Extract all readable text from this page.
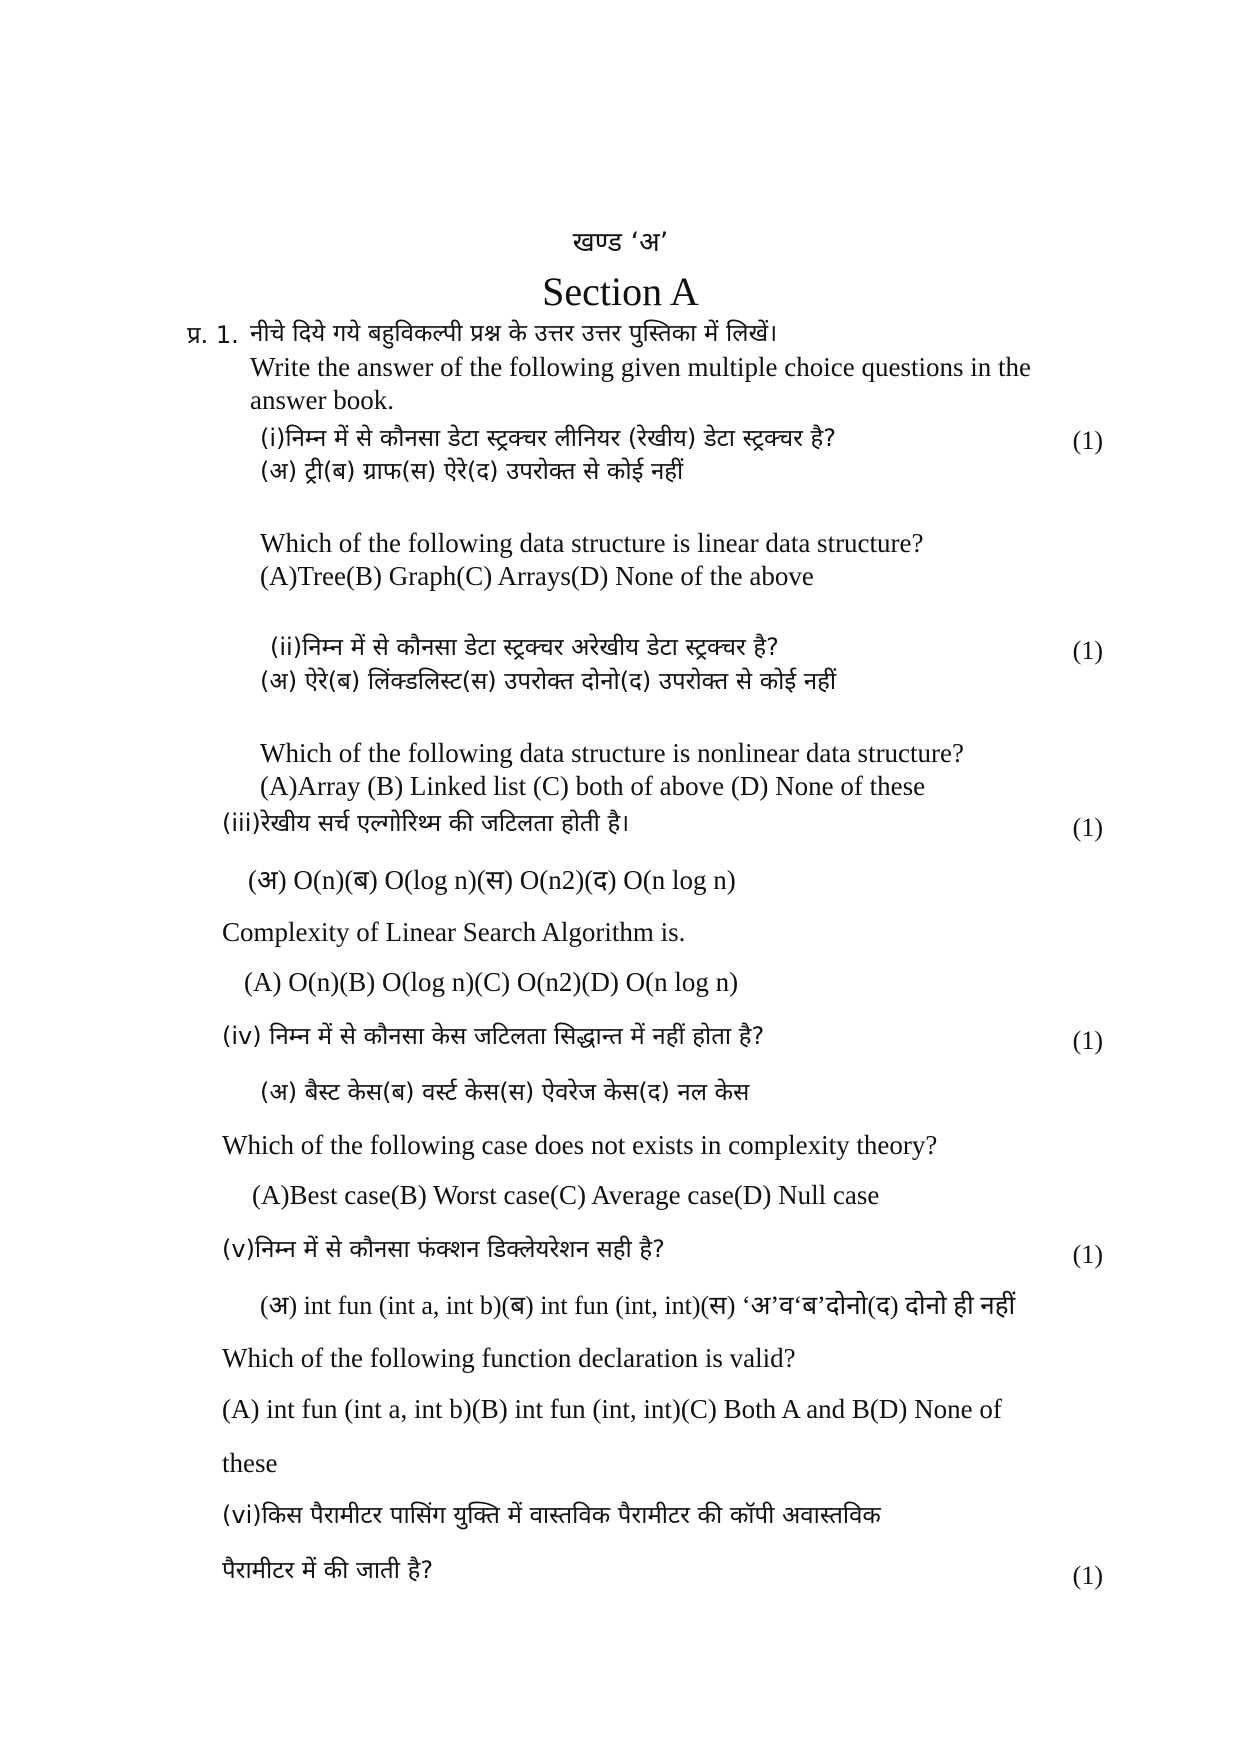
खण्ड ‘अ’
Section A
प्र. 1. नीचे दिये गये बहुविकल्पी प्रश्न के उत्तर उत्तर पुस्तिका में लिखें।
Write the answer of the following given multiple choice questions in the
answer book.
(i)निम्न में से कौनसा डेटा स्ट्रक्चर लीनियर (रेखीय) डेटा स्ट्रक्चर है?	(1)
(अ) ट्री(ब) ग्राफ(स) ऐरे(द) उपरोक्त से कोई नहीं
Which of the following data structure is linear data structure?
(A)Tree(B) Graph(C) Arrays(D) None of the above
(ii)निम्न में से कौनसा डेटा स्ट्रक्चर अरेखीय डेटा स्ट्रक्चर है?	(1)
(अ) ऐरे(ब) लिंक्डलिस्ट(स) उपरोक्त दोनो(द) उपरोक्त से कोई नहीं
Which of the following data structure is nonlinear data structure?
(A)Array (B) Linked list (C) both of above (D) None of these
(iii)रेखीय सर्च एल्गोरिथ्म की जटिलता होती है।	(1)
(अ) O(n)(ब) O(log n)(स) O(n2)(द) O(n log n)
Complexity of Linear Search Algorithm is.
(A) O(n)(B) O(log n)(C) O(n2)(D) O(n log n)
(iv) निम्न में से कौनसा केस जटिलता सिद्धान्त में नहीं होता है?	(1)
(अ) बैस्ट केस(ब) वर्स्ट केस(स) ऐवरेज केस(द) नल केस
Which of the following case does not exists in complexity theory?
(A)Best case(B) Worst case(C) Average case(D) Null case
(v)निम्न में से कौनसा फंक्शन डिक्लेयरेशन सही है?	(1)
(अ) int fun (int a, int b)(ब) int fun (int, int)(स) ‘अ’व‘ब’दोनो(द) दोनो ही नहीं
Which of the following function declaration is valid?
(A) int fun (int a, int b)(B) int fun (int, int)(C) Both A and B(D) None of
these
(vi)किस पैरामीटर पासिंग युक्ति में वास्तविक पैरामीटर की कॉपी अवास्तविक
पैरामीटर में की जाती है?	(1)
